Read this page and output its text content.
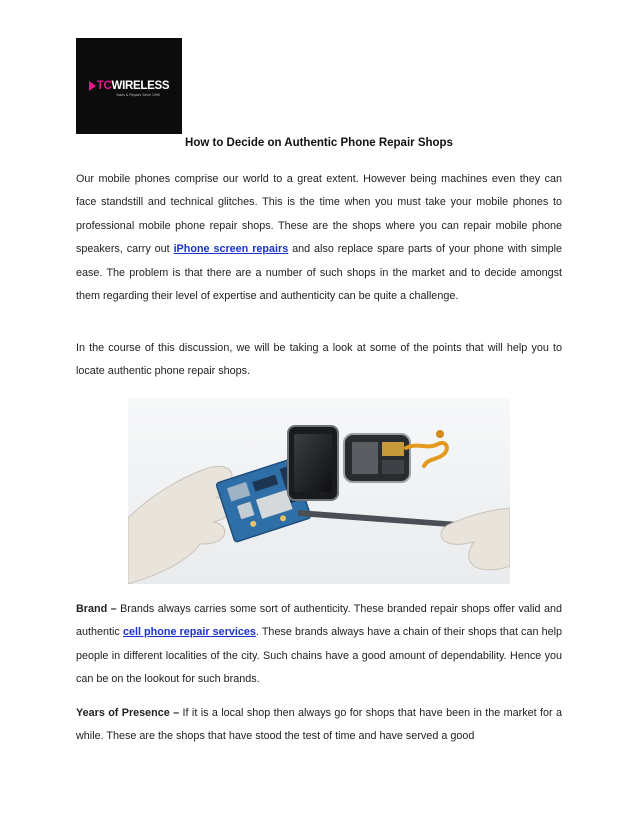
TC WIRELESS
Sales & Repairs Since 1996
How to Decide on Authentic Phone Repair Shops

Our mobile phones comprise our world to a great extent. However being machines even they can face standstill and technical glitches. This is the time when you must take your mobile phones to professional mobile phone repair shops. These are the shops where you can repair mobile phone speakers, carry out iPhone screen repairs and also replace spare parts of your phone with simple ease. The problem is that there are a number of such shops in the market and to decide amongst them regarding their level of expertise and authenticity can be quite a challenge.

In the course of this discussion, we will be taking a look at some of the points that will help you to locate authentic phone repair shops.

Brand – Brands always carries some sort of authenticity. These branded repair shops offer valid and authentic cell phone repair services. These brands always have a chain of their shops that can help people in different localities of the city. Such chains have a good amount of dependability. Hence you can be on the lookout for such brands.

Years of Presence – If it is a local shop then always go for shops that have been in the market for a while. These are the shops that have stood the test of time and have served a good
